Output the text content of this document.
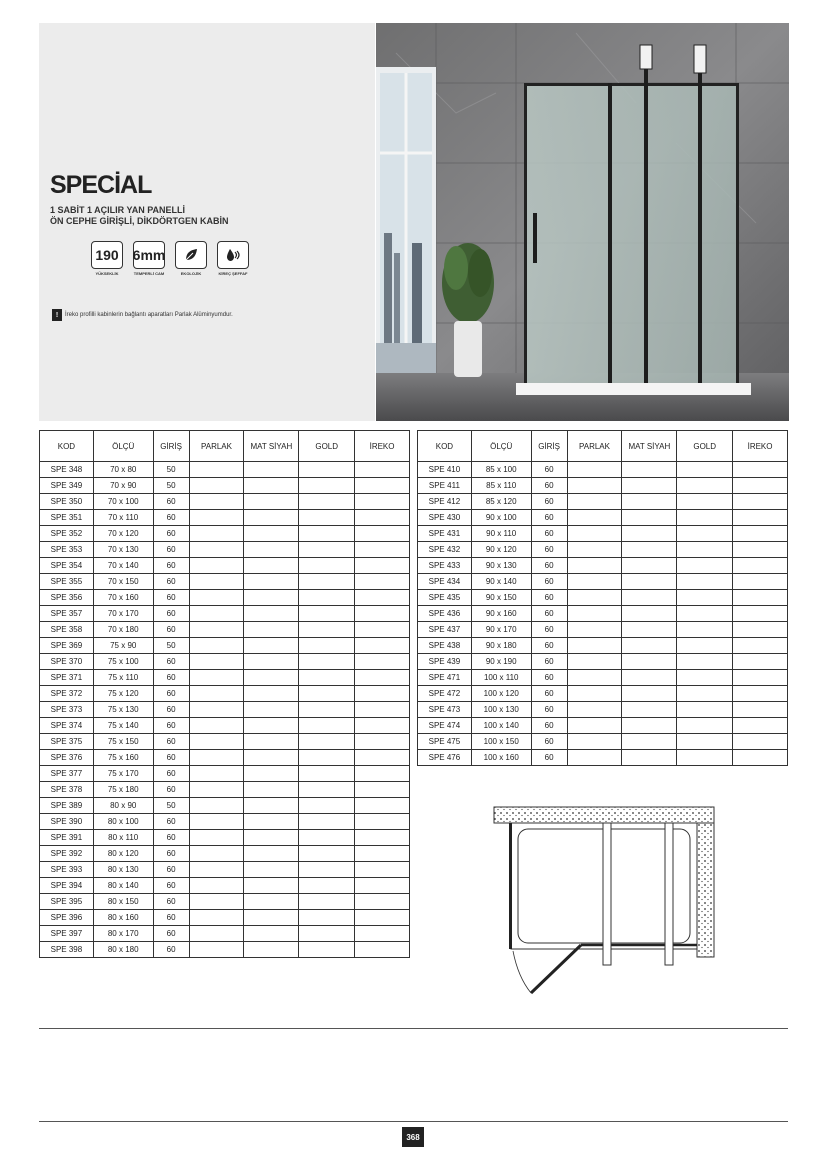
SPECİAL
1 SABİT 1 AÇILIR YAN PANELLİ
ÖN CEPHE GİRİŞLİ, DİKDÖRTGEN KABİN
190
YÜKSEKLİK
6mm
TEMPERLİ CAM	EKOLOJİK	KİREÇ ŞEFFAF
!	İreko profilli kabinlerin bağlantı aparatları Parlak Alüminyumdur.
KOD	ÖLÇÜ	GİRİŞ	PARLAK	MAT SİYAH	GOLD	İREKO
SPE 348	70 x 80	50				
SPE 349	70 x 90	50				
SPE 350	70 x 100	60				
SPE 351	70 x 110	60				
SPE 352	70 x 120	60				
SPE 353	70 x 130	60				
SPE 354	70 x 140	60				
SPE 355	70 x 150	60				
SPE 356	70 x 160	60				
SPE 357	70 x 170	60				
SPE 358	70 x 180	60				
SPE 369	75 x 90	50				
SPE 370	75 x 100	60				
SPE 371	75 x 110	60				
SPE 372	75 x 120	60				
SPE 373	75 x 130	60				
SPE 374	75 x 140	60				
SPE 375	75 x 150	60				
SPE 376	75 x 160	60				
SPE 377	75 x 170	60				
SPE 378	75 x 180	60				
SPE 389	80 x 90	50				
SPE 390	80 x 100	60				
SPE 391	80 x 110	60				
SPE 392	80 x 120	60				
SPE 393	80 x 130	60				
SPE 394	80 x 140	60				
SPE 395	80 x 150	60				
SPE 396	80 x 160	60				
SPE 397	80 x 170	60				
SPE 398	80 x 180	60				
KOD	ÖLÇÜ	GİRİŞ	PARLAK	MAT SİYAH	GOLD	İREKO
SPE 410	85 x 100	60				
SPE 411	85 x 110	60				
SPE 412	85 x 120	60				
SPE 430	90 x 100	60				
SPE 431	90 x 110	60				
SPE 432	90 x 120	60				
SPE 433	90 x 130	60				
SPE 434	90 x 140	60				
SPE 435	90 x 150	60				
SPE 436	90 x 160	60				
SPE 437	90 x 170	60				
SPE 438	90 x 180	60				
SPE 439	90 x 190	60				
SPE 471	100 x 110	60				
SPE 472	100 x 120	60				
SPE 473	100 x 130	60				
SPE 474	100 x 140	60				
SPE 475	100 x 150	60				
SPE 476	100 x 160	60				
368
